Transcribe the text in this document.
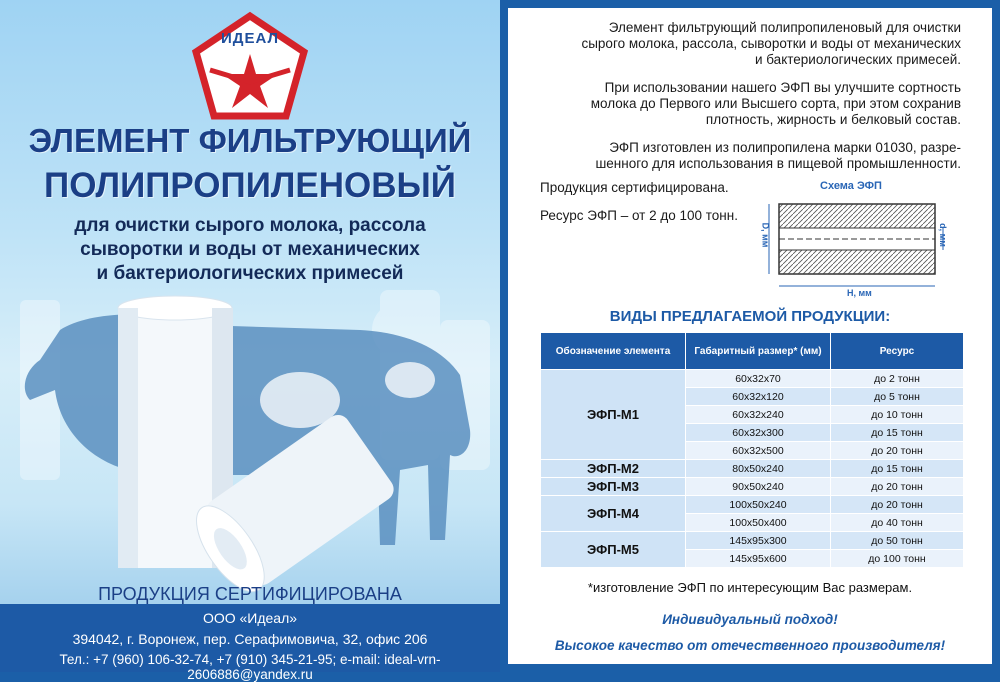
ИДЕАЛ
ЭЛЕМЕНТ ФИЛЬТРУЮЩИЙ
ПОЛИПРОПИЛЕНОВЫЙ
для очистки сырого молока, рассола
сыворотки и воды от механических
и бактериологических примесей
ПРОДУКЦИЯ СЕРТИФИЦИРОВАНА
ООО «Идеал»
394042, г. Воронеж, пер. Серафимовича, 32, офис 206
Тел.: +7 (960) 106-32-74, +7 (910) 345-21-95; e-mail: ideal-vrn-2606886@yandex.ru
Элемент фильтрующий полипропиленовый для очистки
сырого молока, рассола, сыворотки и воды от механических
и бактериологических примесей.
При использовании нашего ЭФП вы улучшите сортность
молока до Первого или Высшего сорта, при этом сохранив
плотность, жирность и белковый состав.
ЭФП изготовлен из полипропилена марки 01030, разре-
шенного для использования в пищевой промышленности.
Продукция сертифицирована.
Ресурс ЭФП – от 2 до 100 тонн.
Схема ЭФП
D, мм	d, мм
H, мм
ВИДЫ ПРЕДЛАГАЕМОЙ ПРОДУКЦИИ:
Обозначение элемента	Габаритный размер* (мм)	Ресурс
ЭФП-М1	60x32x70	до 2 тонн
	60x32x120	до 5 тонн
	60x32x240	до 10 тонн
	60x32x300	до 15 тонн
	60x32x500	до 20 тонн
ЭФП-М2	80x50x240	до 15 тонн
ЭФП-М3	90x50x240	до 20 тонн
ЭФП-М4	100x50x240	до 20 тонн
	100x50x400	до 40 тонн
ЭФП-М5	145x95x300	до 50 тонн
	145x95x600	до 100 тонн
*изготовление ЭФП по интересующим Вас размерам.
Индивидуальный подход!
Высокое качество от отечественного производителя!
